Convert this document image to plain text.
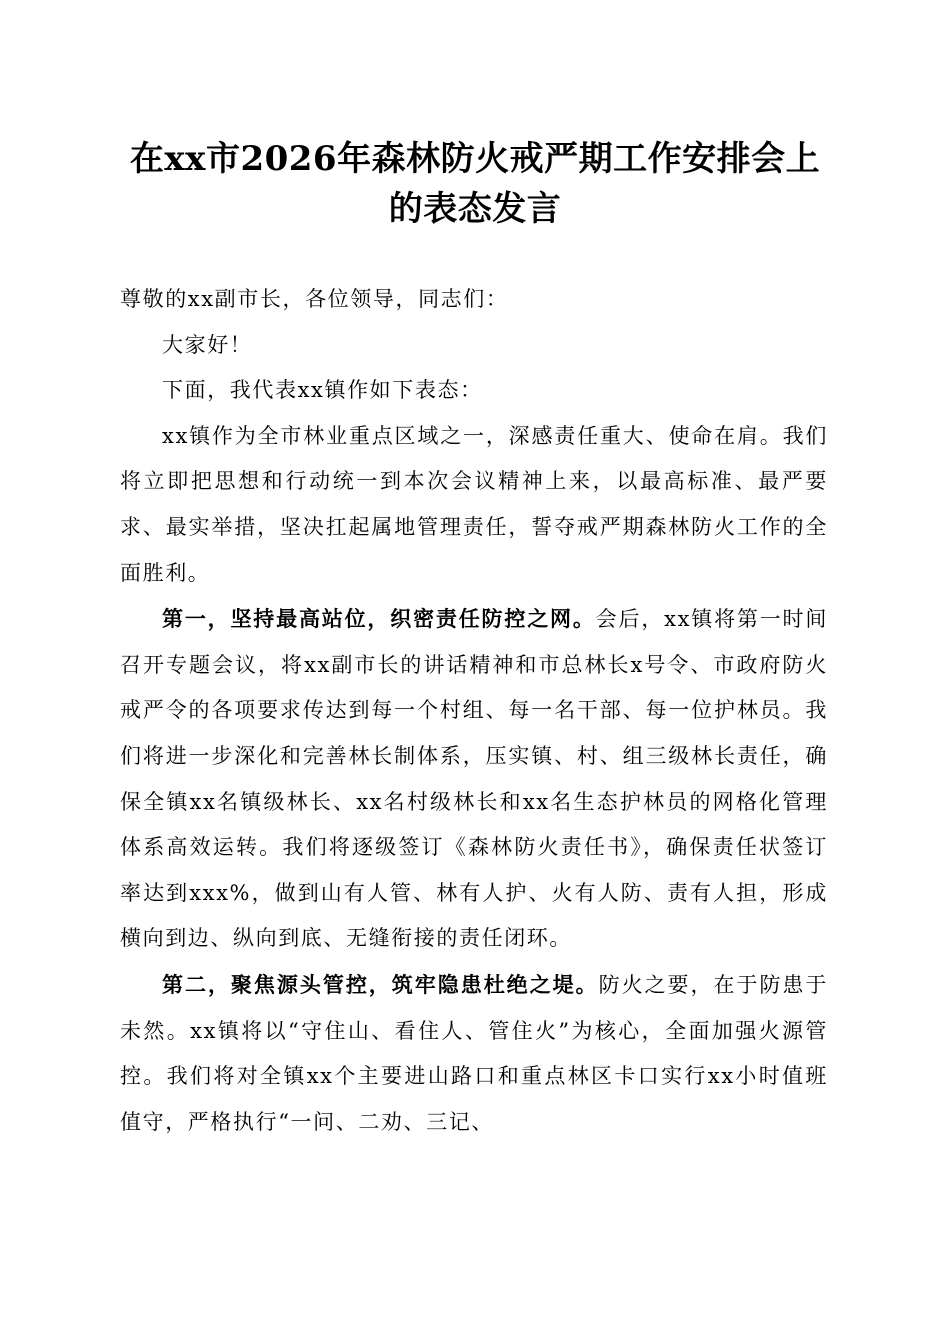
在xx市2026年森林防火戒严期工作安排会上
的表态发言

尊敬的xx副市长，各位领导，同志们：

大家好！

下面，我代表xx镇作如下表态：

xx镇作为全市林业重点区域之一，深感责任重大、使命在肩。我们将立即把思想和行动统一到本次会议精神上来，以最高标准、最严要求、最实举措，坚决扛起属地管理责任，誓夺戒严期森林防火工作的全面胜利。

第一，坚持最高站位，织密责任防控之网。会后，xx镇将第一时间召开专题会议，将xx副市长的讲话精神和市总林长x号令、市政府防火戒严令的各项要求传达到每一个村组、每一名干部、每一位护林员。我们将进一步深化和完善林长制体系，压实镇、村、组三级林长责任，确保全镇xx名镇级林长、xx名村级林长和xx名生态护林员的网格化管理体系高效运转。我们将逐级签订《森林防火责任书》，确保责任状签订率达到xxx%，做到山有人管、林有人护、火有人防、责有人担，形成横向到边、纵向到底、无缝衔接的责任闭环。

第二，聚焦源头管控，筑牢隐患杜绝之堤。防火之要，在于防患于未然。xx镇将以“守住山、看住人、管住火”为核心，全面加强火源管控。我们将对全镇xx个主要进山路口和重点林区卡口实行xx小时值班值守，严格执行“一问、二劝、三记、
